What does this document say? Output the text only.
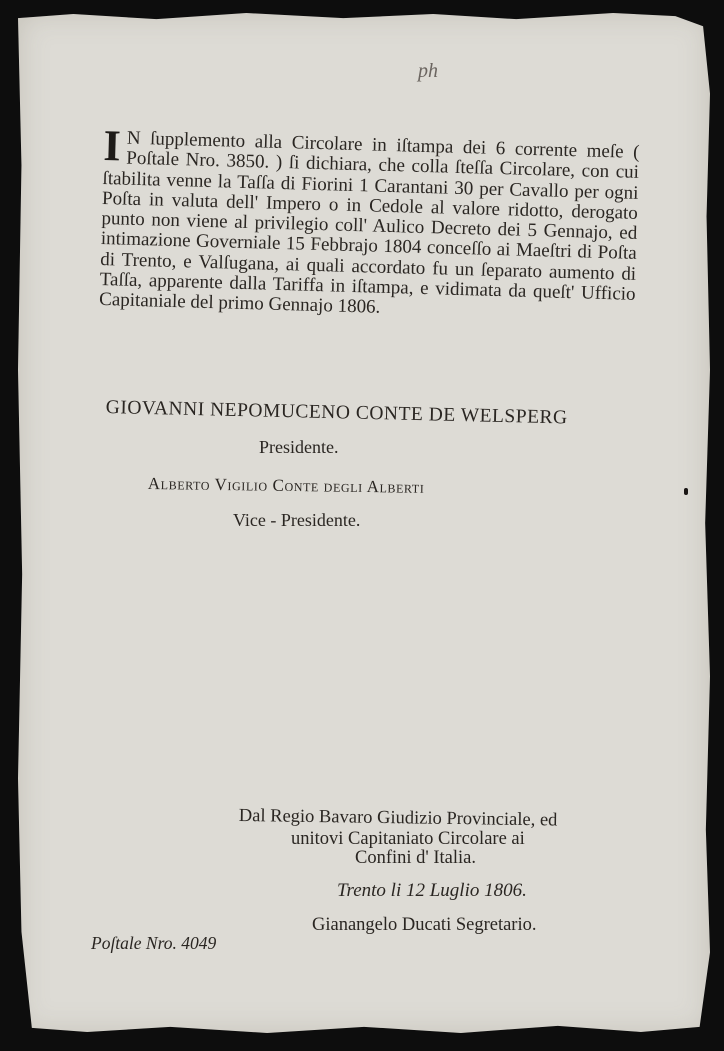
ph
I N ſupplemento alla Circolare in iſtampa dei 6 corrente meſe ( Poſtale Nro. 3850. ) ſi dichiara, che colla ſteſſa Circolare, con cui ſtabilita venne la Taſſa di Fiorini 1 Carantani 30 per Cavallo per ogni Poſta in valuta dell' Impero o in Cedole al valore ridotto, derogato punto non viene al privilegio coll' Aulico Decreto dei 5 Gennajo, ed intimazione Governiale 15 Febbrajo 1804 conceſſo ai Maeſtri di Poſta di Trento, e Valſugana, ai quali accordato fu un ſeparato aumento di Taſſa, apparente dalla Tariffa in iſtampa, e vidimata da queſt' Ufficio Capitaniale del primo Gennajo 1806.
GIOVANNI NEPOMUCENO CONTE DE WELSPERG
Presidente.
Alberto Vigilio Conte degli Alberti
Vice - Presidente.
Dal Regio Bavaro Giudizio Provinciale, ed
unitovi Capitaniato Circolare ai
Confini d' Italia.
Trento li 12 Luglio 1806.
Gianangelo Ducati Segretario.
Poſtale Nro. 4049
